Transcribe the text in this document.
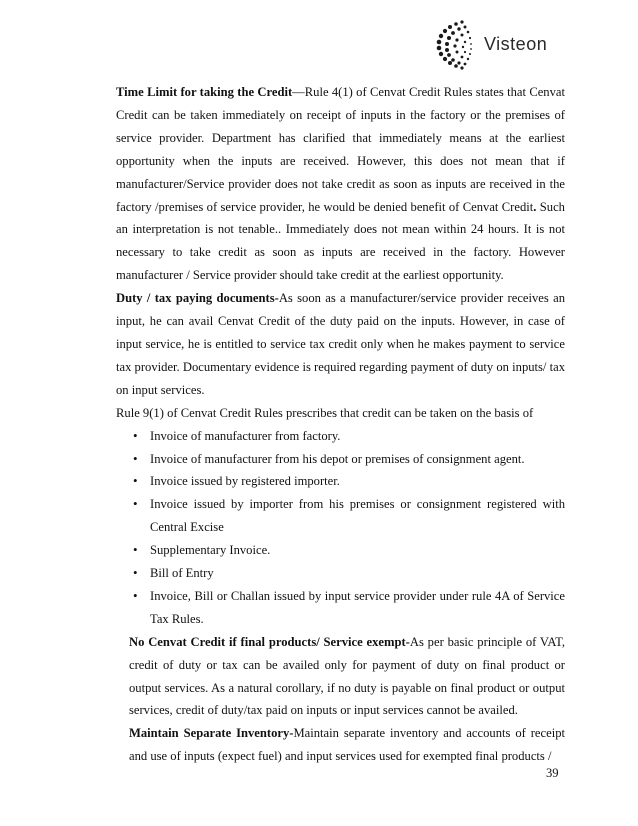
Visteon

Time Limit for taking the Credit—Rule 4(1) of Cenvat Credit Rules states that Cenvat Credit can be taken immediately on receipt of inputs in the factory or the premises of service provider. Department has clarified that immediately means at the earliest opportunity when the inputs are received. However, this does not mean that if manufacturer/Service provider does not take credit as soon as inputs are received in the factory /premises of service provider, he would be denied benefit of Cenvat Credit. Such an interpretation is not tenable.. Immediately does not mean within 24 hours. It is not necessary to take credit as soon as inputs are received in the factory. However manufacturer / Service provider should take credit at the earliest opportunity.

Duty / tax paying documents-As soon as a manufacturer/service provider receives an input, he can avail Cenvat Credit of the duty paid on the inputs. However, in case of input service, he is entitled to service tax credit only when he makes payment to service tax provider. Documentary evidence is required regarding payment of duty on inputs/ tax on input services.

Rule 9(1) of Cenvat Credit Rules prescribes that credit can be taken on the basis of

• Invoice of manufacturer from factory.
• Invoice of manufacturer from his depot or premises of consignment agent.
• Invoice issued by registered importer.
• Invoice issued by importer from his premises or consignment registered with Central Excise
• Supplementary Invoice.
• Bill of Entry
• Invoice, Bill or Challan issued by input service provider under rule 4A of Service Tax Rules.

No Cenvat Credit if final products/ Service exempt-As per basic principle of VAT, credit of duty or tax can be availed only for payment of duty on final product or output services. As a natural corollary, if no duty is payable on final product or output services, credit of duty/tax paid on inputs or input services cannot be availed.

Maintain Separate Inventory-Maintain separate inventory and accounts of receipt and use of inputs (expect fuel) and input services used for exempted final products /

39
